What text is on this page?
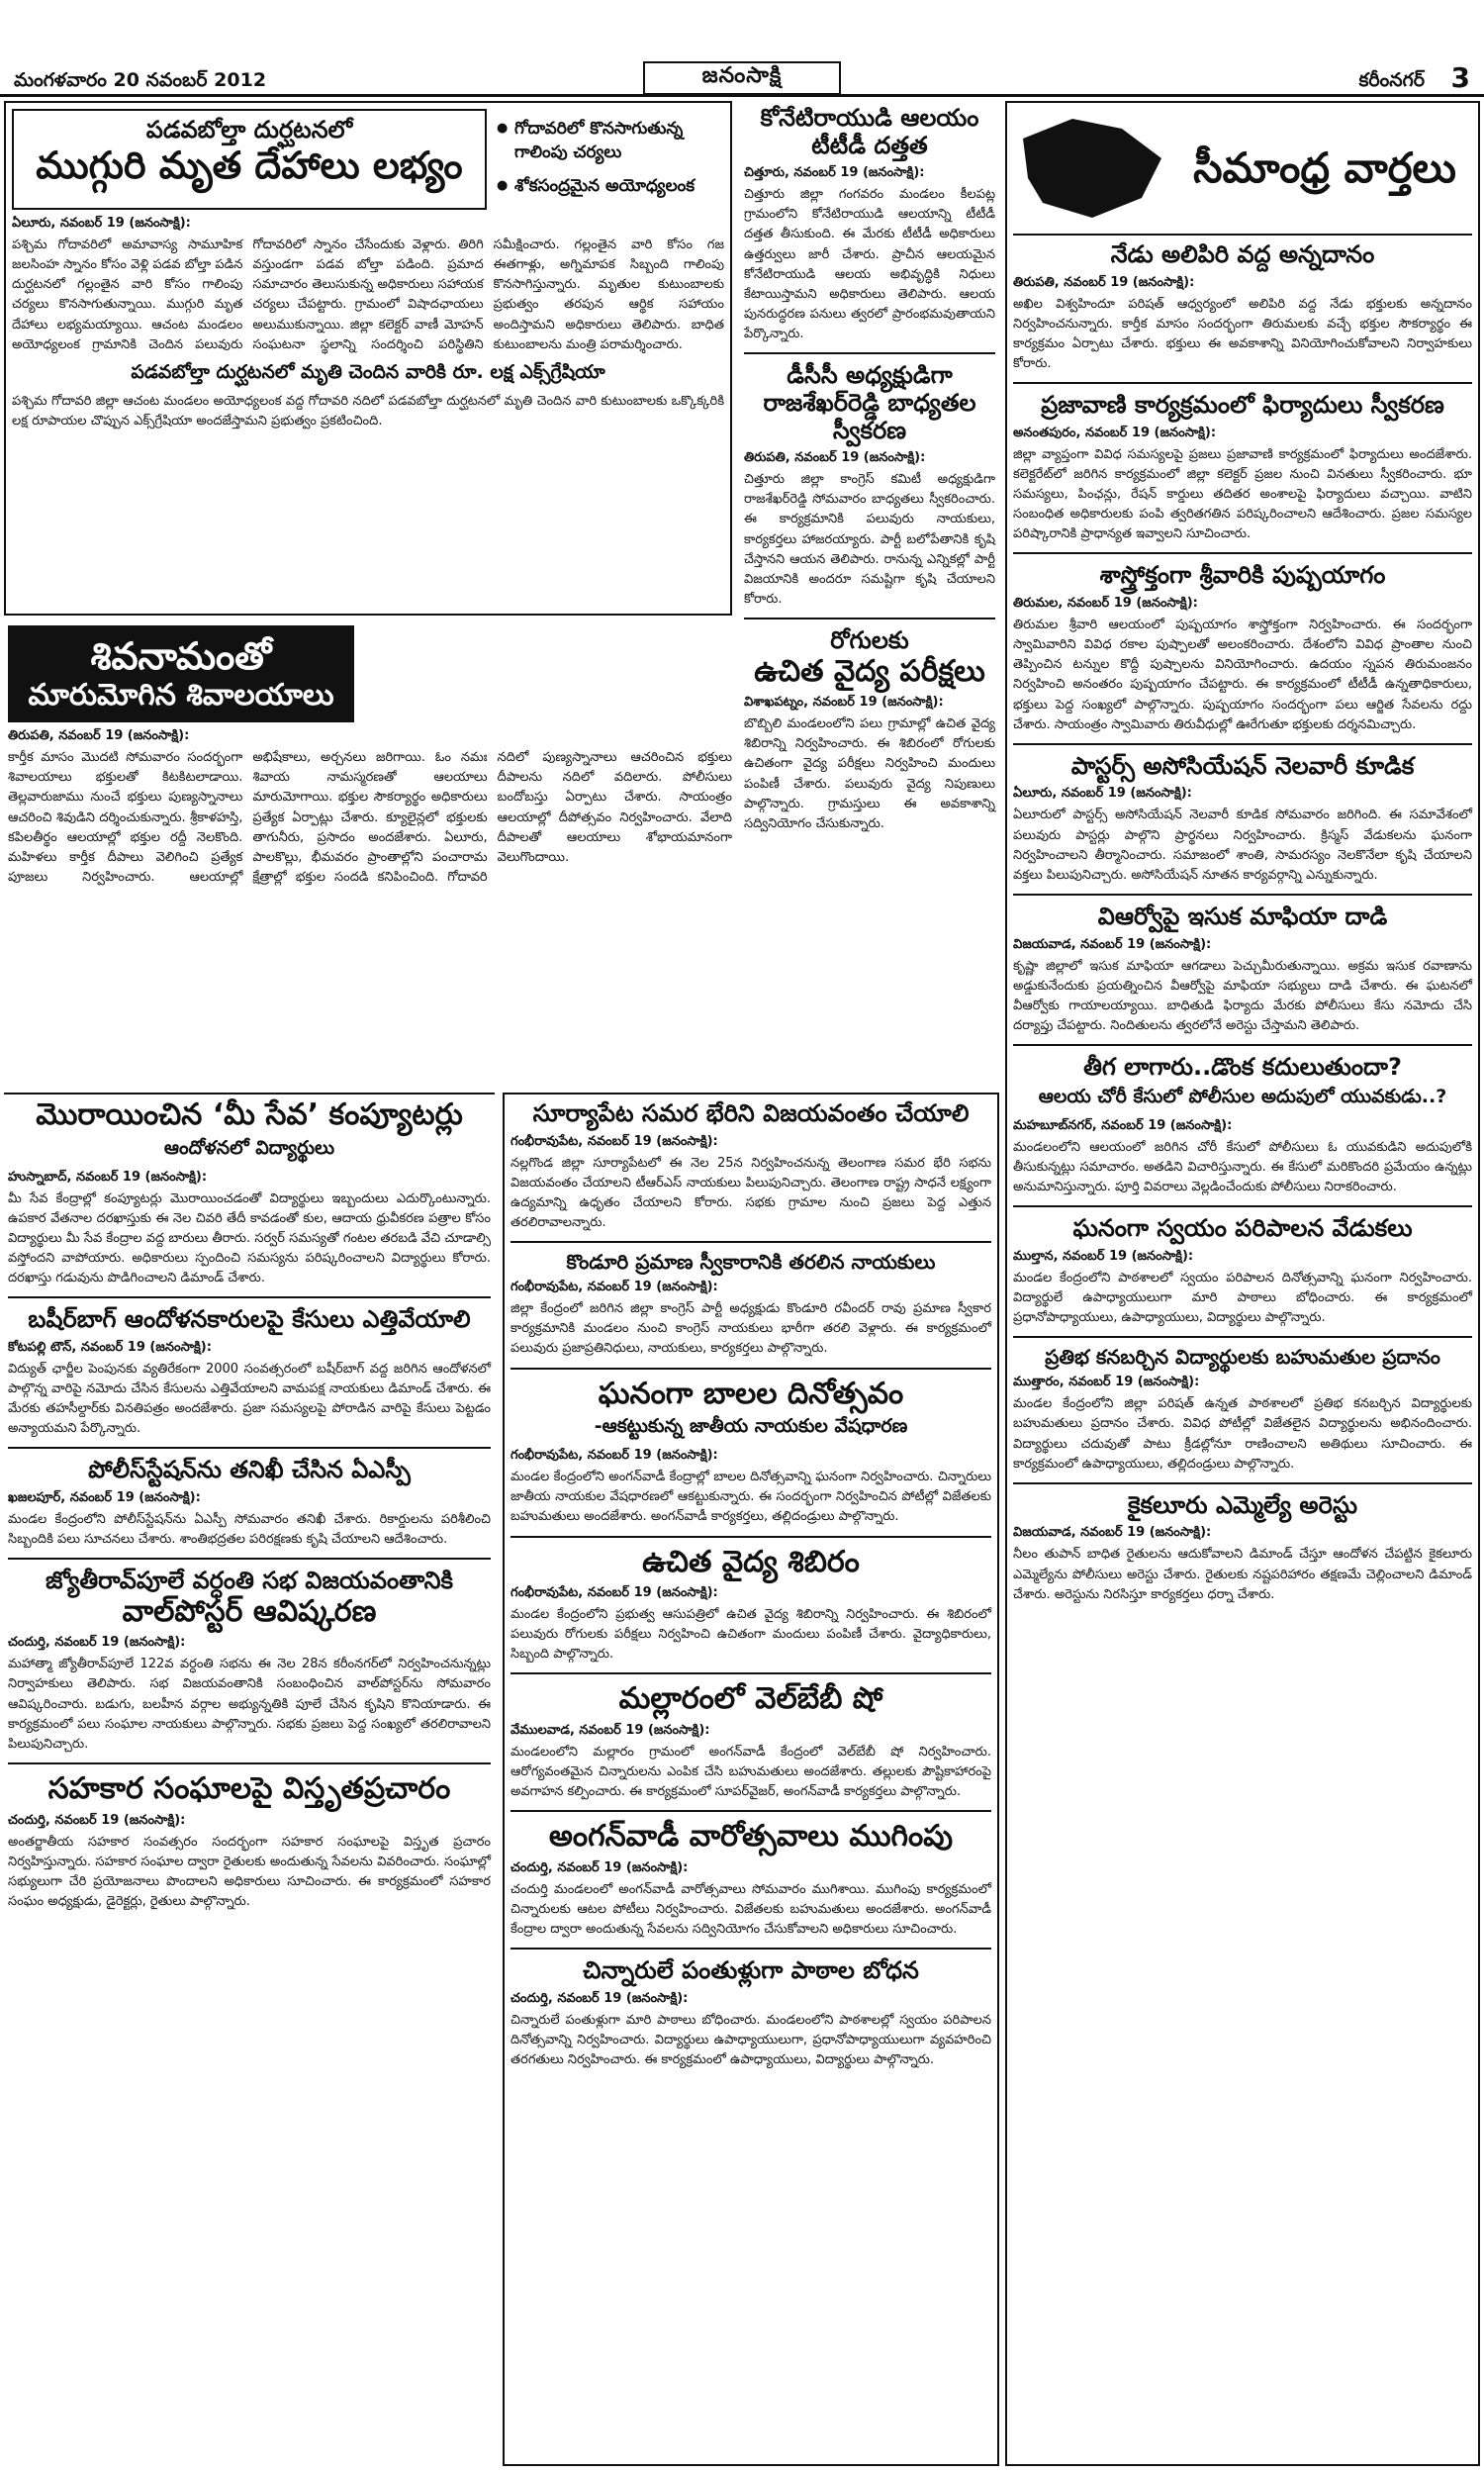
మంగళవారం 20 నవంబర్ 2012	జనంసాక్షి	కరీంనగర్ 3
పడవబోల్తా దుర్ఘటనలో
ముగ్గురి మృత దేహాలు లభ్యం
● గోదావరిలో కొనసాగుతున్న గాలింపు చర్యలు
● శోకసంద్రమైన అయోధ్యలంక
ఏలూరు, నవంబర్ 19 (జనంసాక్షి):
పశ్చిమ గోదావరిలో అమావాస్య సామూహిక జలసింహ స్నానం కోసం వెళ్లి పడవ బోల్తా పడిన దుర్ఘటనలో గల్లంతైన వారి కోసం గాలింపు చర్యలు కొనసాగుతున్నాయి. ముగ్గురి మృత దేహాలు లభ్యమయ్యాయి. ఆచంట మండలం అయోధ్యలంక గ్రామానికి చెందిన పలువురు గోదావరిలో స్నానం చేసేందుకు వెళ్లారు. తిరిగి వస్తుండగా పడవ బోల్తా పడింది. ప్రమాద సమాచారం తెలుసుకున్న అధికారులు సహాయక చర్యలు చేపట్టారు. గ్రామంలో విషాదఛాయలు అలుముకున్నాయి. జిల్లా కలెక్టర్ వాణీ మోహన్ సంఘటనా స్థలాన్ని సందర్శించి పరిస్థితిని సమీక్షించారు. గల్లంతైన వారి కోసం గజ ఈతగాళ్లు, అగ్నిమాపక సిబ్బంది గాలింపు కొనసాగిస్తున్నారు. మృతుల కుటుంబాలకు ప్రభుత్వం తరపున ఆర్థిక సహాయం అందిస్తామని అధికారులు తెలిపారు. బాధిత కుటుంబాలను మంత్రి పరామర్శించారు.
పడవబోల్తా దుర్ఘటనలో మృతి చెందిన వారికి రూ. లక్ష ఎక్స్‌గ్రేషియా
పశ్చిమ గోదావరి జిల్లా ఆచంట మండలం అయోధ్యలంక వద్ద గోదావరి నదిలో పడవబోల్తా దుర్ఘటనలో మృతి చెందిన వారి కుటుంబాలకు ఒక్కొక్కరికి లక్ష రూపాయల చొప్పున ఎక్స్‌గ్రేషియా అందజేస్తామని ప్రభుత్వం ప్రకటించింది.
కోనేటిరాయుడి ఆలయం టీటీడీ దత్తత
చిత్తూరు, నవంబర్ 19 (జనంసాక్షి):
చిత్తూరు జిల్లా గంగవరం మండలం కీలపట్ల గ్రామంలోని కోనేటిరాయుడి ఆలయాన్ని టీటీడీ దత్తత తీసుకుంది. ఈ మేరకు టీటీడీ అధికారులు ఉత్తర్వులు జారీ చేశారు. ప్రాచీన ఆలయమైన కోనేటిరాయుడి ఆలయ అభివృద్ధికి నిధులు కేటాయిస్తామని అధికారులు తెలిపారు. ఆలయ పునరుద్ధరణ పనులు త్వరలో ప్రారంభమవుతాయని పేర్కొన్నారు.
డీసీసీ అధ్యక్షుడిగా రాజశేఖర్‌రెడ్డి బాధ్యతల స్వీకరణ
తిరుపతి, నవంబర్ 19 (జనంసాక్షి):
చిత్తూరు జిల్లా కాంగ్రెస్ కమిటీ అధ్యక్షుడిగా రాజశేఖర్‌రెడ్డి సోమవారం బాధ్యతలు స్వీకరించారు. ఈ కార్యక్రమానికి పలువురు నాయకులు, కార్యకర్తలు హాజరయ్యారు. పార్టీ బలోపేతానికి కృషి చేస్తానని ఆయన తెలిపారు. రానున్న ఎన్నికల్లో పార్టీ విజయానికి అందరూ సమష్టిగా కృషి చేయాలని కోరారు.
రోగులకు
ఉచిత వైద్య పరీక్షలు
విశాఖపట్నం, నవంబర్ 19 (జనంసాక్షి):
బొబ్బిలి మండలంలోని పలు గ్రామాల్లో ఉచిత వైద్య శిబిరాన్ని నిర్వహించారు. ఈ శిబిరంలో రోగులకు ఉచితంగా వైద్య పరీక్షలు నిర్వహించి మందులు పంపిణీ చేశారు. పలువురు వైద్య నిపుణులు పాల్గొన్నారు. గ్రామస్తులు ఈ అవకాశాన్ని సద్వినియోగం చేసుకున్నారు.
శివనామంతో
మారుమోగిన శివాలయాలు
తిరుపతి, నవంబర్ 19 (జనంసాక్షి):
కార్తీక మాసం మొదటి సోమవారం సందర్భంగా శివాలయాలు భక్తులతో కిటకిటలాడాయి. తెల్లవారుజాము నుంచే భక్తులు పుణ్యస్నానాలు ఆచరించి శివుడిని దర్శించుకున్నారు. శ్రీకాళహస్తి, కపిలతీర్థం ఆలయాల్లో భక్తుల రద్దీ నెలకొంది. మహిళలు కార్తీక దీపాలు వెలిగించి ప్రత్యేక పూజలు నిర్వహించారు. ఆలయాల్లో అభిషేకాలు, అర్చనలు జరిగాయి. ఓం నమః శివాయ నామస్మరణతో ఆలయాలు మారుమోగాయి. భక్తుల సౌకర్యార్థం అధికారులు ప్రత్యేక ఏర్పాట్లు చేశారు. క్యూలైన్లలో భక్తులకు తాగునీరు, ప్రసాదం అందజేశారు. ఏలూరు, పాలకొల్లు, భీమవరం ప్రాంతాల్లోని పంచారామ క్షేత్రాల్లో భక్తుల సందడి కనిపించింది. గోదావరి నదిలో పుణ్యస్నానాలు ఆచరించిన భక్తులు దీపాలను నదిలో వదిలారు. పోలీసులు బందోబస్తు ఏర్పాటు చేశారు. సాయంత్రం ఆలయాల్లో దీపోత్సవం నిర్వహించారు. వేలాది దీపాలతో ఆలయాలు శోభాయమానంగా వెలుగొందాయి.
సీమాంధ్ర వార్తలు
నేడు అలిపిరి వద్ద అన్నదానం
తిరుపతి, నవంబర్ 19 (జనంసాక్షి):
అఖిల విశ్వహిందూ పరిషత్ ఆధ్వర్యంలో అలిపిరి వద్ద నేడు భక్తులకు అన్నదానం నిర్వహించనున్నారు. కార్తీక మాసం సందర్భంగా తిరుమలకు వచ్చే భక్తుల సౌకర్యార్థం ఈ కార్యక్రమం ఏర్పాటు చేశారు. భక్తులు ఈ అవకాశాన్ని వినియోగించుకోవాలని నిర్వాహకులు కోరారు.
ప్రజావాణి కార్యక్రమంలో ఫిర్యాదులు స్వీకరణ
అనంతపురం, నవంబర్ 19 (జనంసాక్షి):
జిల్లా వ్యాప్తంగా వివిధ సమస్యలపై ప్రజలు ప్రజావాణి కార్యక్రమంలో ఫిర్యాదులు అందజేశారు. కలెక్టరేట్‌లో జరిగిన కార్యక్రమంలో జిల్లా కలెక్టర్ ప్రజల నుంచి వినతులు స్వీకరించారు. భూ సమస్యలు, పింఛన్లు, రేషన్ కార్డులు తదితర అంశాలపై ఫిర్యాదులు వచ్చాయి. వాటిని సంబంధిత అధికారులకు పంపి త్వరితగతిన పరిష్కరించాలని ఆదేశించారు. ప్రజల సమస్యల పరిష్కారానికి ప్రాధాన్యత ఇవ్వాలని సూచించారు.
శాస్త్రోక్తంగా శ్రీవారికి పుష్పయాగం
తిరుమల, నవంబర్ 19 (జనంసాక్షి):
తిరుమల శ్రీవారి ఆలయంలో పుష్పయాగం శాస్త్రోక్తంగా నిర్వహించారు. ఈ సందర్భంగా స్వామివారిని వివిధ రకాల పుష్పాలతో అలంకరించారు. దేశంలోని వివిధ ప్రాంతాల నుంచి తెప్పించిన టన్నుల కొద్దీ పుష్పాలను వినియోగించారు. ఉదయం స్నపన తిరుమంజనం నిర్వహించి అనంతరం పుష్పయాగం చేపట్టారు. ఈ కార్యక్రమంలో టీటీడీ ఉన్నతాధికారులు, భక్తులు పెద్ద సంఖ్యలో పాల్గొన్నారు. పుష్పయాగం సందర్భంగా పలు ఆర్జిత సేవలను రద్దు చేశారు. సాయంత్రం స్వామివారు తిరువీధుల్లో ఊరేగుతూ భక్తులకు దర్శనమిచ్చారు.
పాస్టర్స్ అసోసియేషన్ నెలవారీ కూడిక
ఏలూరు, నవంబర్ 19 (జనంసాక్షి):
ఏలూరులో పాస్టర్స్ అసోసియేషన్ నెలవారీ కూడిక సోమవారం జరిగింది. ఈ సమావేశంలో పలువురు పాస్టర్లు పాల్గొని ప్రార్థనలు నిర్వహించారు. క్రిస్మస్ వేడుకలను ఘనంగా నిర్వహించాలని తీర్మానించారు. సమాజంలో శాంతి, సామరస్యం నెలకొనేలా కృషి చేయాలని వక్తలు పిలుపునిచ్చారు. అసోసియేషన్ నూతన కార్యవర్గాన్ని ఎన్నుకున్నారు.
విఆర్వోపై ఇసుక మాఫియా దాడి
విజయవాడ, నవంబర్ 19 (జనంసాక్షి):
కృష్ణా జిల్లాలో ఇసుక మాఫియా ఆగడాలు పెచ్చుమీరుతున్నాయి. అక్రమ ఇసుక రవాణాను అడ్డుకునేందుకు ప్రయత్నించిన వీఆర్వోపై మాఫియా సభ్యులు దాడి చేశారు. ఈ ఘటనలో వీఆర్వోకు గాయాలయ్యాయి. బాధితుడి ఫిర్యాదు మేరకు పోలీసులు కేసు నమోదు చేసి దర్యాప్తు చేపట్టారు. నిందితులను త్వరలోనే అరెస్టు చేస్తామని తెలిపారు.
తీగ లాగారు..డొంక కదులుతుందా?
ఆలయ చోరీ కేసులో పోలీసుల అదుపులో యువకుడు..?
మహబూబ్‌నగర్, నవంబర్ 19 (జనంసాక్షి):
మండలంలోని ఆలయంలో జరిగిన చోరీ కేసులో పోలీసులు ఓ యువకుడిని అదుపులోకి తీసుకున్నట్లు సమాచారం. అతడిని విచారిస్తున్నారు. ఈ కేసులో మరికొందరి ప్రమేయం ఉన్నట్లు అనుమానిస్తున్నారు. పూర్తి వివరాలు వెల్లడించేందుకు పోలీసులు నిరాకరించారు.
ఘనంగా స్వయం పరిపాలన వేడుకలు
ముల్తాన, నవంబర్ 19 (జనంసాక్షి):
మండల కేంద్రంలోని పాఠశాలలో స్వయం పరిపాలన దినోత్సవాన్ని ఘనంగా నిర్వహించారు. విద్యార్థులే ఉపాధ్యాయులుగా మారి పాఠాలు బోధించారు. ఈ కార్యక్రమంలో ప్రధానోపాధ్యాయులు, ఉపాధ్యాయులు, విద్యార్థులు పాల్గొన్నారు.
ప్రతిభ కనబర్చిన విద్యార్థులకు బహుమతుల ప్రదానం
ముత్తారం, నవంబర్ 19 (జనంసాక్షి):
మండల కేంద్రంలోని జిల్లా పరిషత్ ఉన్నత పాఠశాలలో ప్రతిభ కనబర్చిన విద్యార్థులకు బహుమతులు ప్రదానం చేశారు. వివిధ పోటీల్లో విజేతలైన విద్యార్థులను అభినందించారు. విద్యార్థులు చదువుతో పాటు క్రీడల్లోనూ రాణించాలని అతిథులు సూచించారు. ఈ కార్యక్రమంలో ఉపాధ్యాయులు, తల్లిదండ్రులు పాల్గొన్నారు.
కైకలూరు ఎమ్మెల్యే అరెస్టు
విజయవాడ, నవంబర్ 19 (జనంసాక్షి):
నీలం తుపాన్ బాధిత రైతులను ఆదుకోవాలని డిమాండ్ చేస్తూ ఆందోళన చేపట్టిన కైకలూరు ఎమ్మెల్యేను పోలీసులు అరెస్టు చేశారు. రైతులకు నష్టపరిహారం తక్షణమే చెల్లించాలని డిమాండ్ చేశారు. అరెస్టును నిరసిస్తూ కార్యకర్తలు ధర్నా చేశారు.
మొరాయించిన ‘మీ సేవ’ కంప్యూటర్లు
ఆందోళనలో విద్యార్థులు
హుస్నాబాద్, నవంబర్ 19 (జనంసాక్షి):
మీ సేవ కేంద్రాల్లో కంప్యూటర్లు మొరాయించడంతో విద్యార్థులు ఇబ్బందులు ఎదుర్కొంటున్నారు. ఉపకార వేతనాల దరఖాస్తుకు ఈ నెల చివరి తేదీ కావడంతో కుల, ఆదాయ ధ్రువీకరణ పత్రాల కోసం విద్యార్థులు మీ సేవ కేంద్రాల వద్ద బారులు తీరారు. సర్వర్ సమస్యతో గంటల తరబడి వేచి చూడాల్సి వస్తోందని వాపోయారు. అధికారులు స్పందించి సమస్యను పరిష్కరించాలని విద్యార్థులు కోరారు. దరఖాస్తు గడువును పొడిగించాలని డిమాండ్ చేశారు.
బషీర్‌బాగ్ ఆందోళనకారులపై కేసులు ఎత్తివేయాలి
కోటపల్లి టౌన్, నవంబర్ 19 (జనంసాక్షి):
విద్యుత్ ఛార్జీల పెంపునకు వ్యతిరేకంగా 2000 సంవత్సరంలో బషీర్‌బాగ్ వద్ద జరిగిన ఆందోళనలో పాల్గొన్న వారిపై నమోదు చేసిన కేసులను ఎత్తివేయాలని వామపక్ష నాయకులు డిమాండ్ చేశారు. ఈ మేరకు తహసీల్దార్‌కు వినతిపత్రం అందజేశారు. ప్రజా సమస్యలపై పోరాడిన వారిపై కేసులు పెట్టడం అన్యాయమని పేర్కొన్నారు.
పోలీస్‌స్టేషన్‌ను తనిఖీ చేసిన ఏఎస్పీ
ఖజలపూర్, నవంబర్ 19 (జనంసాక్షి):
మండల కేంద్రంలోని పోలీస్‌స్టేషన్‌ను ఏఎస్పీ సోమవారం తనిఖీ చేశారు. రికార్డులను పరిశీలించి సిబ్బందికి పలు సూచనలు చేశారు. శాంతిభద్రతల పరిరక్షణకు కృషి చేయాలని ఆదేశించారు.
జ్యోతీరావ్‌పూలే వర్ధంతి సభ విజయవంతానికి
వాల్‌పోస్టర్ ఆవిష్కరణ
చందుర్తి, నవంబర్ 19 (జనంసాక్షి):
మహాత్మా జ్యోతీరావ్‌పూలే 122వ వర్ధంతి సభను ఈ నెల 28న కరీంనగర్‌లో నిర్వహించనున్నట్లు నిర్వాహకులు తెలిపారు. సభ విజయవంతానికి సంబంధించిన వాల్‌పోస్టర్‌ను సోమవారం ఆవిష్కరించారు. బడుగు, బలహీన వర్గాల అభ్యున్నతికి పూలే చేసిన కృషిని కొనియాడారు. ఈ కార్యక్రమంలో పలు సంఘాల నాయకులు పాల్గొన్నారు. సభకు ప్రజలు పెద్ద సంఖ్యలో తరలిరావాలని పిలుపునిచ్చారు.
సహకార సంఘాలపై విస్తృతప్రచారం
చందుర్తి, నవంబర్ 19 (జనంసాక్షి):
అంతర్జాతీయ సహకార సంవత్సరం సందర్భంగా సహకార సంఘాలపై విస్తృత ప్రచారం నిర్వహిస్తున్నారు. సహకార సంఘాల ద్వారా రైతులకు అందుతున్న సేవలను వివరించారు. సంఘాల్లో సభ్యులుగా చేరి ప్రయోజనాలు పొందాలని అధికారులు సూచించారు. ఈ కార్యక్రమంలో సహకార సంఘం అధ్యక్షుడు, డైరెక్టర్లు, రైతులు పాల్గొన్నారు.
సూర్యాపేట సమర భేరిని విజయవంతం చేయాలి
గంభీరావుపేట, నవంబర్ 19 (జనంసాక్షి):
నల్లగొండ జిల్లా సూర్యాపేటలో ఈ నెల 25న నిర్వహించనున్న తెలంగాణ సమర భేరి సభను విజయవంతం చేయాలని టీఆర్ఎస్ నాయకులు పిలుపునిచ్చారు. తెలంగాణ రాష్ట్ర సాధనే లక్ష్యంగా ఉద్యమాన్ని ఉధృతం చేయాలని కోరారు. సభకు గ్రామాల నుంచి ప్రజలు పెద్ద ఎత్తున తరలిరావాలన్నారు.
కొండూరి ప్రమాణ స్వీకారానికి తరలిన నాయకులు
గంభీరావుపేట, నవంబర్ 19 (జనంసాక్షి):
జిల్లా కేంద్రంలో జరిగిన జిల్లా కాంగ్రెస్ పార్టీ అధ్యక్షుడు కొండూరి రవీందర్ రావు ప్రమాణ స్వీకార కార్యక్రమానికి మండలం నుంచి కాంగ్రెస్ నాయకులు భారీగా తరలి వెళ్లారు. ఈ కార్యక్రమంలో పలువురు ప్రజాప్రతినిధులు, నాయకులు, కార్యకర్తలు పాల్గొన్నారు.
ఘనంగా బాలల దినోత్సవం
-ఆకట్టుకున్న జాతీయ నాయకుల వేషధారణ
గంభీరావుపేట, నవంబర్ 19 (జనంసాక్షి):
మండల కేంద్రంలోని అంగన్‌వాడీ కేంద్రాల్లో బాలల దినోత్సవాన్ని ఘనంగా నిర్వహించారు. చిన్నారులు జాతీయ నాయకుల వేషధారణలో ఆకట్టుకున్నారు. ఈ సందర్భంగా నిర్వహించిన పోటీల్లో విజేతలకు బహుమతులు అందజేశారు. అంగన్‌వాడీ కార్యకర్తలు, తల్లిదండ్రులు పాల్గొన్నారు.
ఉచిత వైద్య శిబిరం
గంభీరావుపేట, నవంబర్ 19 (జనంసాక్షి):
మండల కేంద్రంలోని ప్రభుత్వ ఆసుపత్రిలో ఉచిత వైద్య శిబిరాన్ని నిర్వహించారు. ఈ శిబిరంలో పలువురు రోగులకు పరీక్షలు నిర్వహించి ఉచితంగా మందులు పంపిణీ చేశారు. వైద్యాధికారులు, సిబ్బంది పాల్గొన్నారు.
మల్లారంలో వెల్‌బేబీ షో
వేములవాడ, నవంబర్ 19 (జనంసాక్షి):
మండలంలోని మల్లారం గ్రామంలో అంగన్‌వాడీ కేంద్రంలో వెల్‌బేబీ షో నిర్వహించారు. ఆరోగ్యవంతమైన చిన్నారులను ఎంపిక చేసి బహుమతులు అందజేశారు. తల్లులకు పౌష్టికాహారంపై అవగాహన కల్పించారు. ఈ కార్యక్రమంలో సూపర్‌వైజర్, అంగన్‌వాడీ కార్యకర్తలు పాల్గొన్నారు.
అంగన్‌వాడీ వారోత్సవాలు ముగింపు
చందుర్తి, నవంబర్ 19 (జనంసాక్షి):
చందుర్తి మండలంలో అంగన్‌వాడీ వారోత్సవాలు సోమవారం ముగిశాయి. ముగింపు కార్యక్రమంలో చిన్నారులకు ఆటల పోటీలు నిర్వహించారు. విజేతలకు బహుమతులు అందజేశారు. అంగన్‌వాడీ కేంద్రాల ద్వారా అందుతున్న సేవలను సద్వినియోగం చేసుకోవాలని అధికారులు సూచించారు.
చిన్నారులే పంతుళ్లుగా పాఠాల బోధన
చందుర్తి, నవంబర్ 19 (జనంసాక్షి):
చిన్నారులే పంతుళ్లుగా మారి పాఠాలు బోధించారు. మండలంలోని పాఠశాలల్లో స్వయం పరిపాలన దినోత్సవాన్ని నిర్వహించారు. విద్యార్థులు ఉపాధ్యాయులుగా, ప్రధానోపాధ్యాయులుగా వ్యవహరించి తరగతులు నిర్వహించారు. ఈ కార్యక్రమంలో ఉపాధ్యాయులు, విద్యార్థులు పాల్గొన్నారు.
